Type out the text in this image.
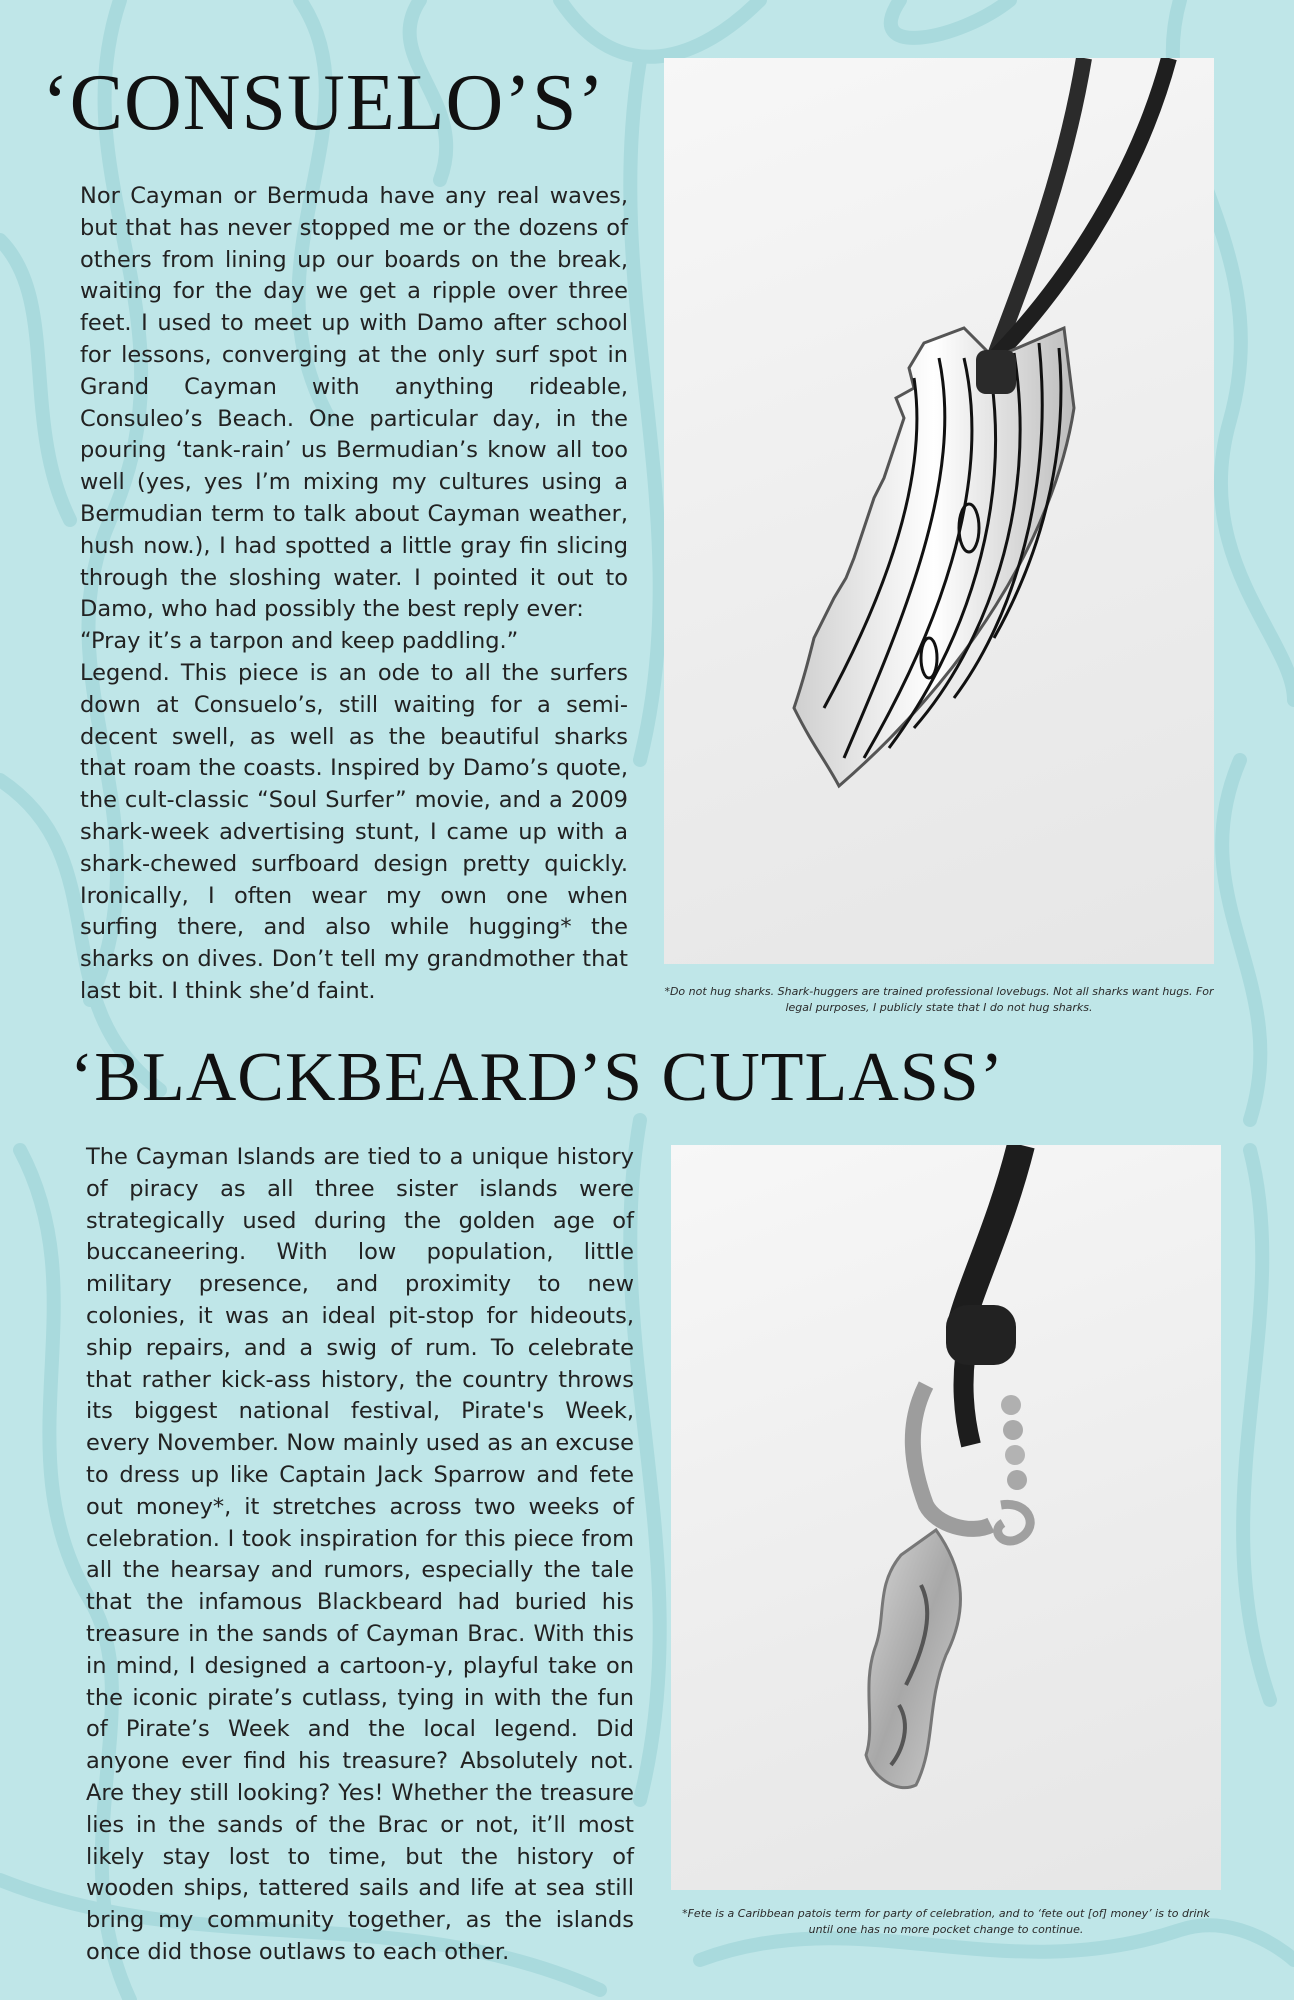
‘CONSUELO’S’

Nor Cayman or Bermuda have any real waves, but that has never stopped me or the dozens of others from lining up our boards on the break, waiting for the day we get a ripple over three feet. I used to meet up with Damo after school for lessons, converging at the only surf spot in Grand Cayman with anything rideable, Consuleo’s Beach. One particular day, in the pouring ‘tank-rain’ us Bermudian’s know all too well (yes, yes I’m mixing my cultures using a Bermudian term to talk about Cayman weather, hush now.), I had spotted a little gray fin slicing through the sloshing water. I pointed it out to Damo, who had possibly the best reply ever:

“Pray it’s a tarpon and keep paddling.”

Legend. This piece is an ode to all the surfers down at Consuelo’s, still waiting for a semi-decent swell, as well as the beautiful sharks that roam the coasts. Inspired by Damo’s quote, the cult-classic “Soul Surfer” movie, and a 2009 shark-week advertising stunt, I came up with a shark-chewed surfboard design pretty quickly. Ironically, I often wear my own one when surfing there, and also while hugging* the sharks on dives. Don’t tell my grandmother that last bit. I think she’d faint.	*Do not hug sharks. Shark-huggers are trained professional lovebugs. Not all sharks want hugs. For legal purposes, I publicly state that I do not hug sharks.

‘BLACKBEARD’S CUTLASS’

The Cayman Islands are tied to a unique history of piracy as all three sister islands were strategically used during the golden age of buccaneering. With low population, little military presence, and proximity to new colonies, it was an ideal pit-stop for hideouts, ship repairs, and a swig of rum. To celebrate that rather kick-ass history, the country throws its biggest national festival, Pirate's Week, every November. Now mainly used as an excuse to dress up like Captain Jack Sparrow and fete out money*, it stretches across two weeks of celebration. I took inspiration for this piece from all the hearsay and rumors, especially the tale that the infamous Blackbeard had buried his treasure in the sands of Cayman Brac. With this in mind, I designed a cartoon-y, playful take on the iconic pirate’s cutlass, tying in with the fun of Pirate’s Week and the local legend. Did anyone ever find his treasure? Absolutely not. Are they still looking? Yes! Whether the treasure lies in the sands of the Brac or not, it’ll most likely stay lost to time, but the history of wooden ships, tattered sails and life at sea still bring my community together, as the islands once did those outlaws to each other.

*Fete is a Caribbean patois term for party of celebration, and to ‘fete out [of] money’ is to drink until one has no more pocket change to continue.
